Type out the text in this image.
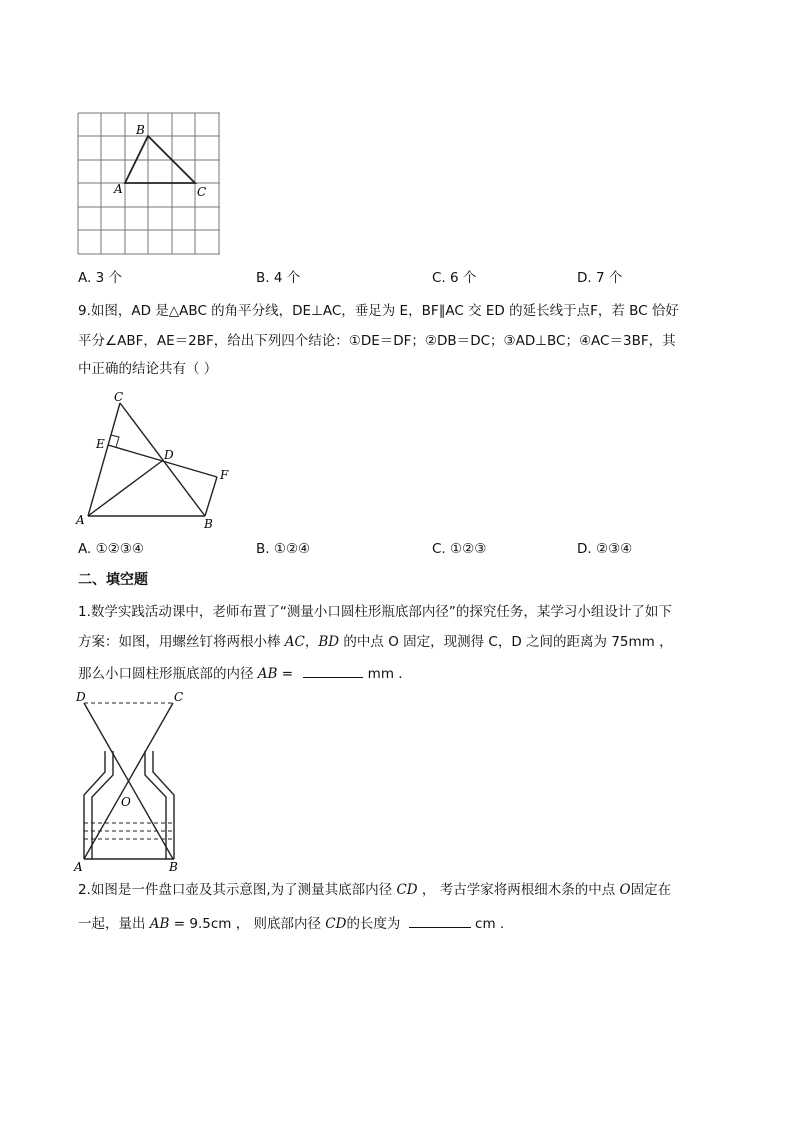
B
A	C
A. 3 个	B. 4 个	C. 6 个	D. 7 个
9.如图，AD 是△ABC 的角平分线，DE⊥AC，垂足为 E，BF∥AC 交 ED 的延长线于点F，若 BC 恰好
平分∠ABF，AE＝2BF，给出下列四个结论：①DE＝DF；②DB＝DC；③AD⊥BC；④AC＝3BF，其
中正确的结论共有（ ）
C
E
D
F
A	B
A. ①②③④	B. ①②④	C. ①②③	D. ②③④
二、填空题
1.数学实践活动课中，老师布置了“测量小口圆柱形瓶底部内径”的探究任务，某学习小组设计了如下
方案：如图，用螺丝钉将两根小棒 AC，BD 的中点 O 固定，现测得 C，D 之间的距离为 75mm ，
那么小口圆柱形瓶底部的内径 AB =	mm .
D	C
O
A	B
2.如图是一件盘口壶及其示意图,为了测量其底部内径 CD ， 考古学家将两根细木条的中点 O固定在
一起，量出 AB = 9.5cm ， 则底部内径 CD的长度为	cm .
